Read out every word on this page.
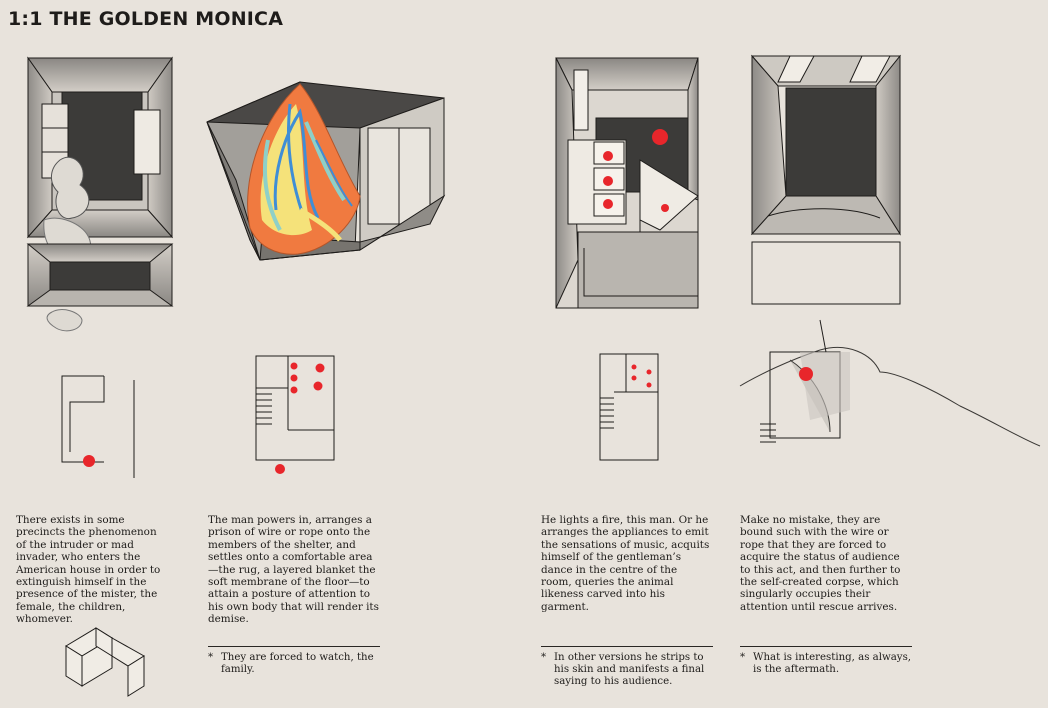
1:1 THE GOLDEN MONICA

There exists in some precincts the phenomenon of the intruder or mad invader, who enters the American house in order to extinguish himself in the presence of the mister, the female, the children, whomever.

The man powers in, arranges a prison of wire or rope onto the members of the shelter, and settles onto a comfortable area—the rug, a layered blanket the soft membrane of the floor—to attain a posture of attention to his own body that will render its demise.

He lights a fire, this man. Or he arranges the appliances to emit the sensations of music, acquits himself of the gentleman’s dance in the centre of the room, queries the animal likeness carved into his garment.

Make no mistake, they are bound such with the wire or rope that they are forced to acquire the status of audience to this act, and then further to the self-created corpse, which singularly occupies their attention until rescue arrives.

* They are forced to watch, the family.
* In other versions he strips to his skin and manifests a final saying to his audience.
* What is interesting, as always, is the aftermath.
